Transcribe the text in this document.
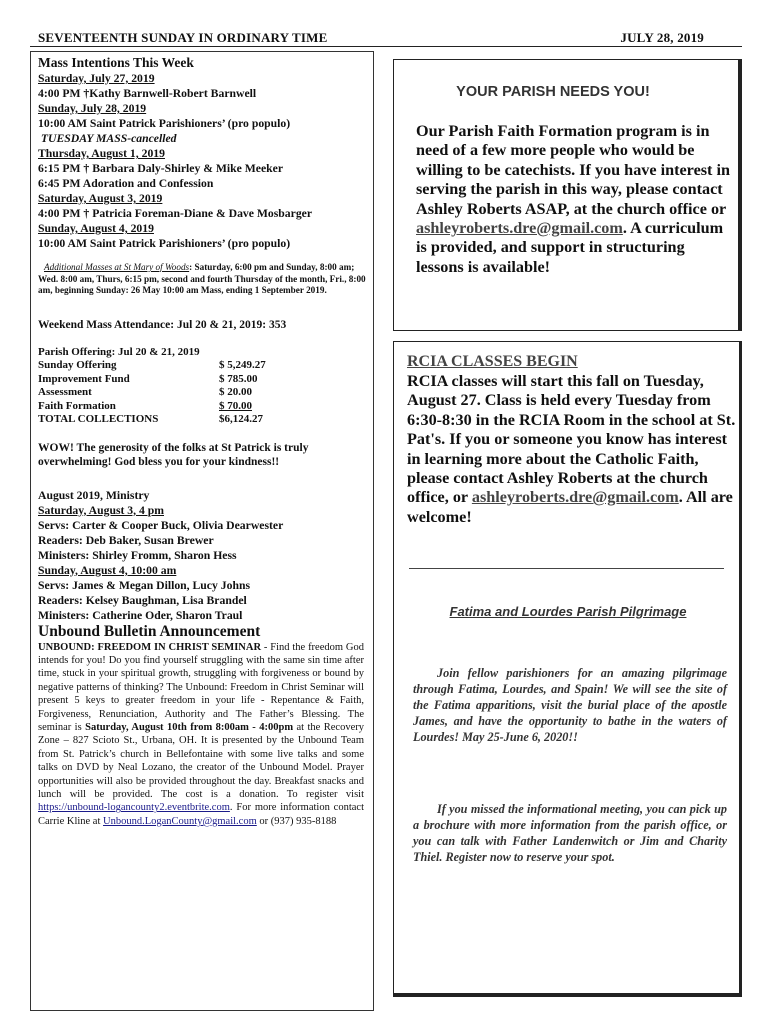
SEVENTEENTH SUNDAY IN ORDINARY TIME	JULY 28, 2019
Mass Intentions This Week
Saturday, July 27, 2019
4:00 PM †Kathy Barnwell-Robert Barnwell
Sunday, July 28, 2019
10:00 AM Saint Patrick Parishioners’ (pro populo)
TUESDAY MASS-cancelled
Thursday, August 1, 2019
6:15 PM † Barbara Daly-Shirley & Mike Meeker
6:45 PM Adoration and Confession
Saturday, August 3, 2019
4:00 PM † Patricia Foreman-Diane & Dave Mosbarger
Sunday, August 4, 2019
10:00 AM Saint Patrick Parishioners’ (pro populo)
Additional Masses at St Mary of Woods: Saturday, 6:00 pm and Sunday, 8:00 am; Wed. 8:00 am, Thurs, 6:15 pm, second and fourth Thursday of the month, Fri., 8:00 am, beginning Sunday: 26 May 10:00 am Mass, ending 1 September 2019.
Weekend Mass Attendance: Jul 20 & 21, 2019: 353
Parish Offering: Jul 20 & 21, 2019
Sunday Offering	$ 5,249.27
Improvement Fund	$ 785.00
Assessment	$ 20.00
Faith Formation	$ 70.00
TOTAL COLLECTIONS	$6,124.27
WOW! The generosity of the folks at St Patrick is truly overwhelming! God bless you for your kindness!!
August 2019, Ministry
Saturday, August 3, 4 pm
Servs: Carter & Cooper Buck, Olivia Dearwester
Readers: Deb Baker, Susan Brewer
Ministers: Shirley Fromm, Sharon Hess
Sunday, August 4, 10:00 am
Servs: James & Megan Dillon, Lucy Johns
Readers: Kelsey Baughman, Lisa Brandel
Ministers: Catherine Oder, Sharon Traul
Unbound Bulletin Announcement
UNBOUND: FREEDOM IN CHRIST SEMINAR - Find the freedom God intends for you! Do you find yourself struggling with the same sin time after time, stuck in your spiritual growth, struggling with forgiveness or bound by negative patterns of thinking? The Unbound: Freedom in Christ Seminar will present 5 keys to greater freedom in your life - Repentance & Faith, Forgiveness, Renunciation, Authority and The Father’s Blessing. The seminar is Saturday, August 10th from 8:00am - 4:00pm at the Recovery Zone – 827 Scioto St., Urbana, OH. It is presented by the Unbound Team from St. Patrick’s church in Bellefontaine with some live talks and some talks on DVD by Neal Lozano, the creator of the Unbound Model. Prayer opportunities will also be provided throughout the day. Breakfast snacks and lunch will be provided. The cost is a donation. To register visit https://unbound-logancounty2.eventbrite.com. For more information contact Carrie Kline at Unbound.LoganCounty@gmail.com or (937) 935-8188
YOUR PARISH NEEDS YOU!
Our Parish Faith Formation program is in need of a few more people who would be willing to be catechists. If you have interest in serving the parish in this way, please contact Ashley Roberts ASAP, at the church office or ashleyroberts.dre@gmail.com. A curriculum is provided, and support in structuring lessons is available!
RCIA CLASSES BEGIN
RCIA classes will start this fall on Tuesday, August 27. Class is held every Tuesday from 6:30-8:30 in the RCIA Room in the school at St. Pat's. If you or someone you know has interest in learning more about the Catholic Faith, please contact Ashley Roberts at the church office, or ashleyroberts.dre@gmail.com. All are welcome!
Fatima and Lourdes Parish Pilgrimage
Join fellow parishioners for an amazing pilgrimage through Fatima, Lourdes, and Spain! We will see the site of the Fatima apparitions, visit the burial place of the apostle James, and have the opportunity to bathe in the waters of Lourdes! May 25-June 6, 2020!!
If you missed the informational meeting, you can pick up a brochure with more information from the parish office, or you can talk with Father Landenwitch or Jim and Charity Thiel. Register now to reserve your spot.
